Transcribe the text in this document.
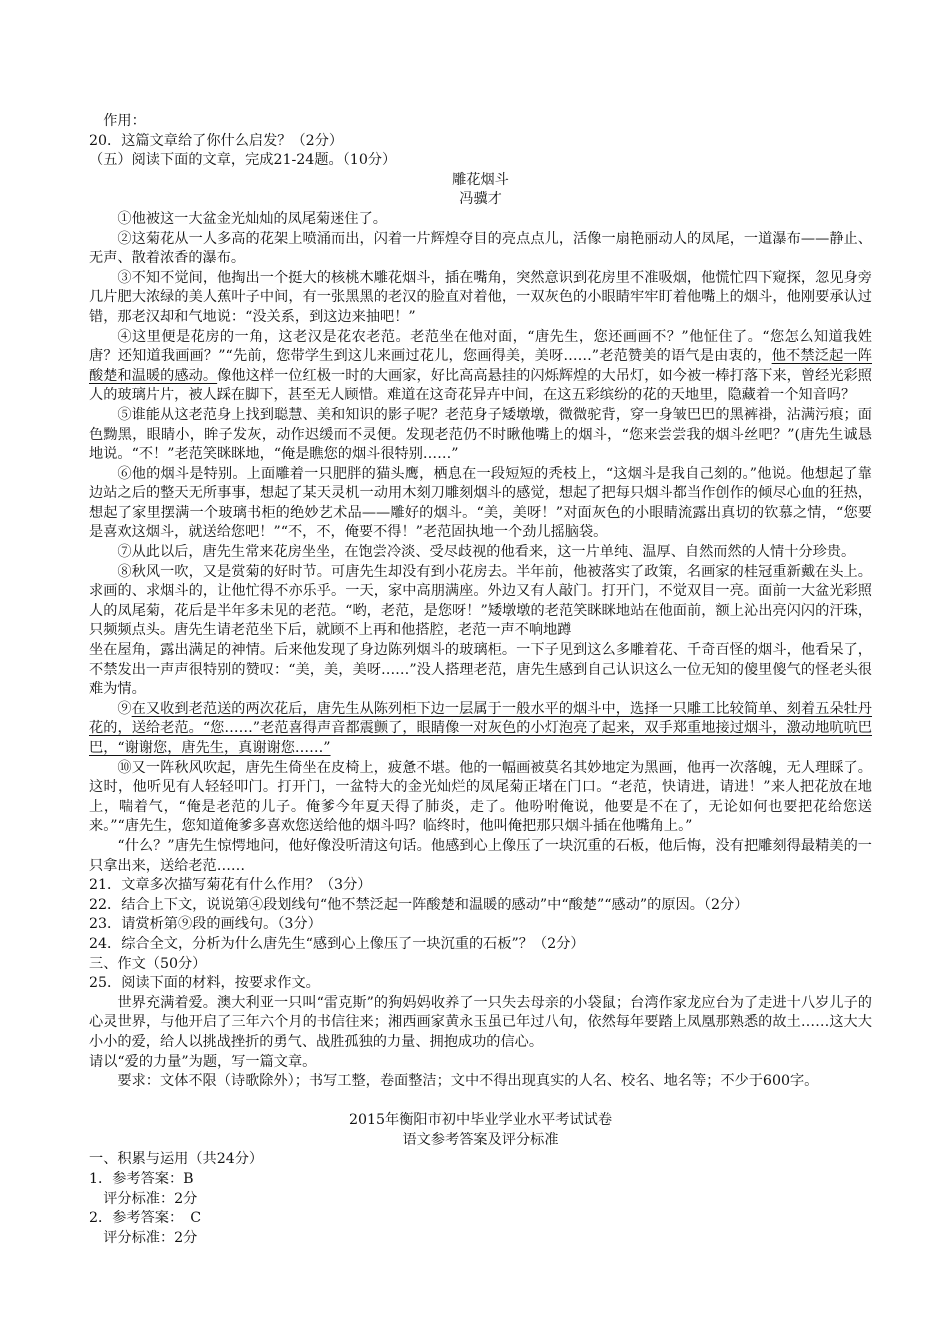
作用：
20．这篇文章给了你什么启发？（2分）
（五）阅读下面的文章，完成21-24题。（10分）
雕花烟斗
冯骥才
①他被这一大盆金光灿灿的凤尾菊迷住了。
②这菊花从一人多高的花架上喷涌而出，闪着一片辉煌夺目的亮点点儿，活像一扇艳丽动人的凤尾，一道瀑布——静止、无声、散着浓香的瀑布。
③不知不觉间，他掏出一个挺大的核桃木雕花烟斗，插在嘴角，突然意识到花房里不准吸烟，他慌忙四下窥探，忽见身旁几片肥大浓绿的美人蕉叶子中间，有一张黑黑的老汉的脸直对着他，一双灰色的小眼睛牢牢盯着他嘴上的烟斗，他刚要承认过错，那老汉却和气地说：“没关系，到这边来抽吧！”
④这里便是花房的一角，这老汉是花农老范。老范坐在他对面，“唐先生，您还画画不？”他怔住了。“您怎么知道我姓唐？还知道我画画？”“先前，您带学生到这儿来画过花儿，您画得美，美呀……”老范赞美的语气是由衷的，他不禁泛起一阵酸楚和温暖的感动。像他这样一位红极一时的大画家，好比高高悬挂的闪烁辉煌的大吊灯，如今被一棒打落下来，曾经光彩照人的玻璃片片，被人踩在脚下，甚至无人顾惜。难道在这奇花异卉中间，在这五彩缤纷的花的天地里，隐藏着一个知音吗？
⑤谁能从这老范身上找到聪慧、美和知识的影子呢？老范身子矮墩墩，微微驼背，穿一身皱巴巴的黑裤褂，沾满污痕；面色黝黑，眼睛小，眸子发灰，动作迟缓而不灵便。发现老范仍不时瞅他嘴上的烟斗，“您来尝尝我的烟斗丝吧？”(唐先生诚恳地说。“不！”老范笑眯眯地，“俺是瞧您的烟斗很特别……”
⑥他的烟斗是特别。上面雕着一只肥胖的猫头鹰，栖息在一段短短的秃枝上，“这烟斗是我自己刻的。”他说。他想起了靠边站之后的整天无所事事，想起了某天灵机一动用木刻刀雕刻烟斗的感觉，想起了把每只烟斗都当作创作的倾尽心血的狂热，想起了家里摆满一个玻璃书柜的绝妙艺术品——雕好的烟斗。“美，美呀！”对面灰色的小眼睛流露出真切的钦慕之情，“您要是喜欢这烟斗，就送给您吧！”“不，不，俺要不得！”老范固执地一个劲儿摇脑袋。
⑦从此以后，唐先生常来花房坐坐，在饱尝冷淡、受尽歧视的他看来，这一片单纯、温厚、自然而然的人情十分珍贵。
⑧秋风一吹，又是赏菊的好时节。可唐先生却没有到小花房去。半年前，他被落实了政策，名画家的桂冠重新戴在头上。求画的、求烟斗的，让他忙得不亦乐乎。一天，家中高朋满座。外边又有人敲门。打开门，不觉双目一亮。面前一大盆光彩照人的凤尾菊，花后是半年多未见的老范。“哟，老范，是您呀！”矮墩墩的老范笑眯眯地站在他面前，额上沁出亮闪闪的汗珠，只频频点头。唐先生请老范坐下后，就顾不上再和他搭腔，老范一声不响地蹲
坐在屋角，露出满足的神情。后来他发现了身边陈列烟斗的玻璃柜。一下子见到这么多雕着花、千奇百怪的烟斗，他看呆了，不禁发出一声声很特别的赞叹：“美，美，美呀……”没人搭理老范，唐先生感到自己认识这么一位无知的傻里傻气的怪老头很难为情。
⑨在又收到老范送的两次花后，唐先生从陈列柜下边一层属于一般水平的烟斗中，选择一只雕工比较简单、刻着五朵牡丹花的，送给老范。“您……”老范喜得声音都震颤了，眼睛像一对灰色的小灯泡亮了起来，双手郑重地接过烟斗，激动地吭吭巴巴，“谢谢您，唐先生，真谢谢您……”
⑩又一阵秋风吹起，唐先生倚坐在皮椅上，疲惫不堪。他的一幅画被莫名其妙地定为黑画，他再一次落魄，无人理睬了。这时，他听见有人轻轻叩门。打开门，一盆特大的金光灿烂的凤尾菊正堵在门口。“老范，快请进，请进！”来人把花放在地上，喘着气，“俺是老范的儿子。俺爹今年夏天得了肺炎，走了。他吩咐俺说，他要是不在了，无论如何也要把花给您送来。”“唐先生，您知道俺爹多喜欢您送给他的烟斗吗？临终时，他叫俺把那只烟斗插在他嘴角上。”
“什么？”唐先生惊愕地问，他好像没听清这句话。他感到心上像压了一块沉重的石板，他后悔，没有把雕刻得最精美的一只拿出来，送给老范……
21．文章多次描写菊花有什么作用？（3分）
22．结合上下文，说说第④段划线句“他不禁泛起一阵酸楚和温暖的感动”中“酸楚”“感动”的原因。（2分）
23．请赏析第⑨段的画线句。（3分）
24．综合全文，分析为什么唐先生“感到心上像压了一块沉重的石板”？（2分）
三、作文（50分）
25．阅读下面的材料，按要求作文。
世界充满着爱。澳大利亚一只叫“雷克斯”的狗妈妈收养了一只失去母亲的小袋鼠；台湾作家龙应台为了走进十八岁儿子的心灵世界，与他开启了三年六个月的书信往来；湘西画家黄永玉虽已年过八旬，依然每年要踏上凤凰那熟悉的故土……这大大小小的爱，给人以挑战挫折的勇气、战胜孤独的力量、拥抱成功的信心。
请以“爱的力量”为题，写一篇文章。
要求：文体不限（诗歌除外）；书写工整，卷面整洁；文中不得出现真实的人名、校名、地名等；不少于600字。
2015年衡阳市初中毕业学业水平考试试卷
语文参考答案及评分标准
一、积累与运用（共24分）
1．参考答案：B
评分标准：2分
2．参考答案：　C
评分标准：2分
